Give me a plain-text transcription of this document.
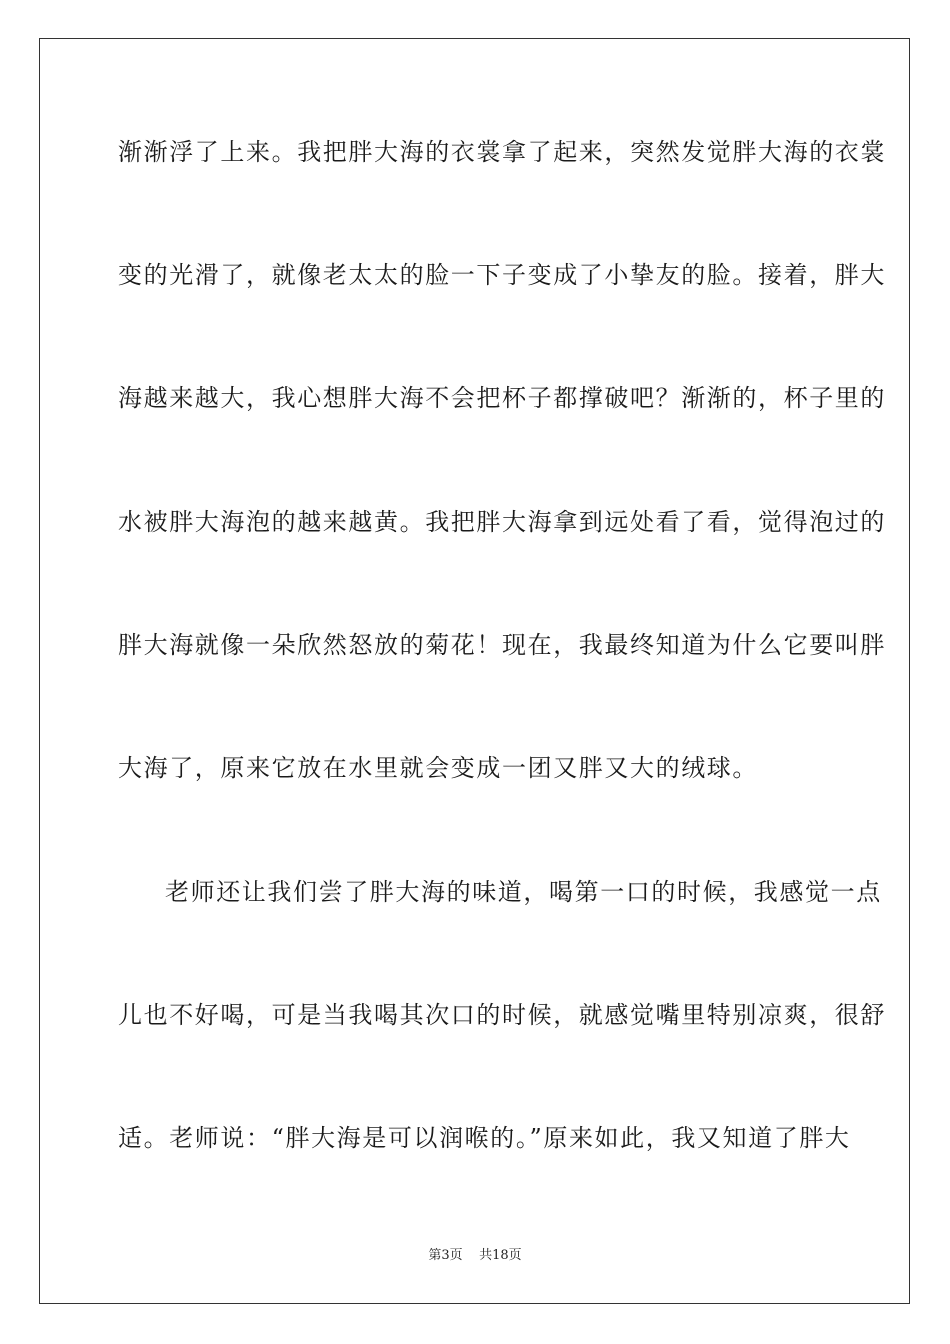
渐渐浮了上来。我把胖大海的衣裳拿了起来，突然发觉胖大海的衣裳
变的光滑了，就像老太太的脸一下子变成了小挚友的脸。接着，胖大
海越来越大，我心想胖大海不会把杯子都撑破吧？渐渐的，杯子里的
水被胖大海泡的越来越黄。我把胖大海拿到远处看了看，觉得泡过的
胖大海就像一朵欣然怒放的菊花！现在，我最终知道为什么它要叫胖
大海了，原来它放在水里就会变成一团又胖又大的绒球。
老师还让我们尝了胖大海的味道，喝第一口的时候，我感觉一点
儿也不好喝，可是当我喝其次口的时候，就感觉嘴里特别凉爽，很舒
适。老师说：“胖大海是可以润喉的。”原来如此，我又知道了胖大
第3页 共18页
